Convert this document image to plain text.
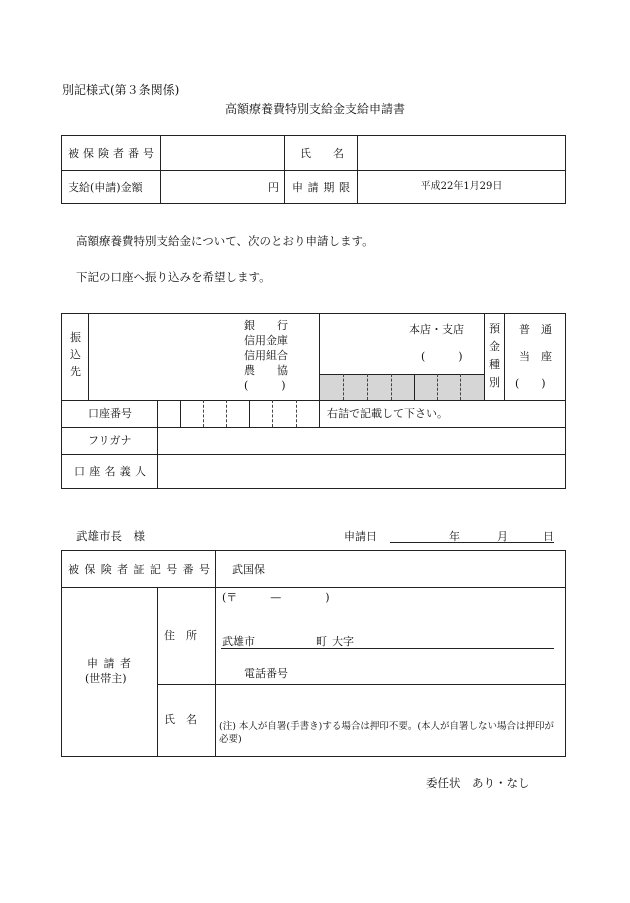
別記様式(第３条関係)
高額療養費特別支給金支給申請書
被 保 険 者 番 号	氏　　名
支給(申請)金額	円 申 請 期 限	平成22年1月29日
高額療養費特別支給金について、次のとおり申請します。
下記の口座へ振り込みを希望します。
振
込
先
銀　　行
信用金庫
信用組合
農　　協
(　　　)
本店・支店
(　　　)
預
金
種
別
普　通
当　座
(　　)
口座番号	右詰で記載して下さい。
フリガナ
口 座 名 義 人
武雄市長　様	申請日	年	月	日
被 保 険 者 証 記 号 番 号 武国保
申 請 者
(世帯主)
住　所
(〒　　　—　　　　)
武雄市	町 大字
電話番号
氏　名
(注) 本人が自署(手書き)する場合は押印不要。(本人が自署しない場合は押印が必要)
委任状　あり・なし
